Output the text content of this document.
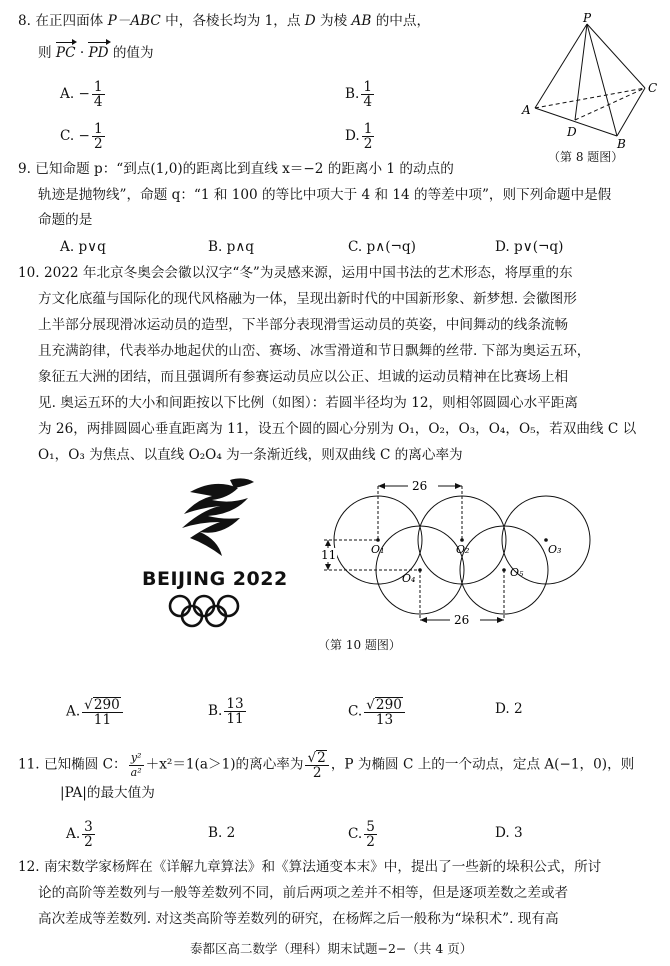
8. 在正四面体 P－ABC 中，各棱长均为 1，点 D 为棱 AB 的中点，
则 PC · PD 的值为
A. − $\frac{1}{4}$	B. $\frac{1}{4}$
C. − $\frac{1}{2}$	D. $\frac{1}{2}$
P
A
B
C
D
（第 8 题图）
9. 已知命题 p：“到点(1,0)的距离比到直线 x＝−2 的距离小 1 的动点的
轨迹是抛物线”，命题 q：“1 和 100 的等比中项大于 4 和 14 的等差中项”，则下列命题中是假
命题的是
A. p∨q	B. p∧q	C. p∧(¬q)	D. p∨(¬q)
10. 2022 年北京冬奥会会徽以汉字“冬”为灵感来源，运用中国书法的艺术形态，将厚重的东
方文化底蕴与国际化的现代风格融为一体，呈现出新时代的中国新形象、新梦想. 会徽图形
上半部分展现滑冰运动员的造型，下半部分表现滑雪运动员的英姿，中间舞动的线条流畅
且充满韵律，代表举办地起伏的山峦、赛场、冰雪滑道和节日飘舞的丝带. 下部为奥运五环，
象征五大洲的团结，而且强调所有参赛运动员应以公正、坦诚的运动员精神在比赛场上相
见. 奥运五环的大小和间距按以下比例（如图）：若圆半径均为 12，则相邻圆圆心水平距离
为 26，两排圆圆心垂直距离为 11，设五个圆的圆心分别为 O₁，O₂，O₃，O₄，O₅，若双曲线 C 以
O₁，O₃ 为焦点、以直线 O₂O₄ 为一条渐近线，则双曲线 C 的离心率为
BEIJING 2022
26
11
26
O₁	O₂	O₃
O₄	O₅
（第 10 题图）
A. $\frac{√290}{11}$	B. $\frac{13}{11}$	C. $\frac{√290}{13}$	D. 2
11. 已知椭圆 C： $\frac{\text{y²}}{\text{a²}} +x^2=1(a>1)$的离心率为 $\frac{√2}{2}$ ，P 为椭圆 C 上的一个动点，定点 A(−1，0)，则
|PA|的最大值为
A. $\frac{3}{2}$	B. 2	C. $\frac{5}{2}$	D. 3
12. 南宋数学家杨辉在《详解九章算法》和《算法通变本末》中，提出了一些新的垛积公式，所讨
论的高阶等差数列与一般等差数列不同，前后两项之差并不相等，但是逐项差数之差或者
高次差成等差数列. 对这类高阶等差数列的研究，在杨辉之后一般称为“垛积术”. 现有高
泰都区高二数学（理科）期末试题−2−（共 4 页）
